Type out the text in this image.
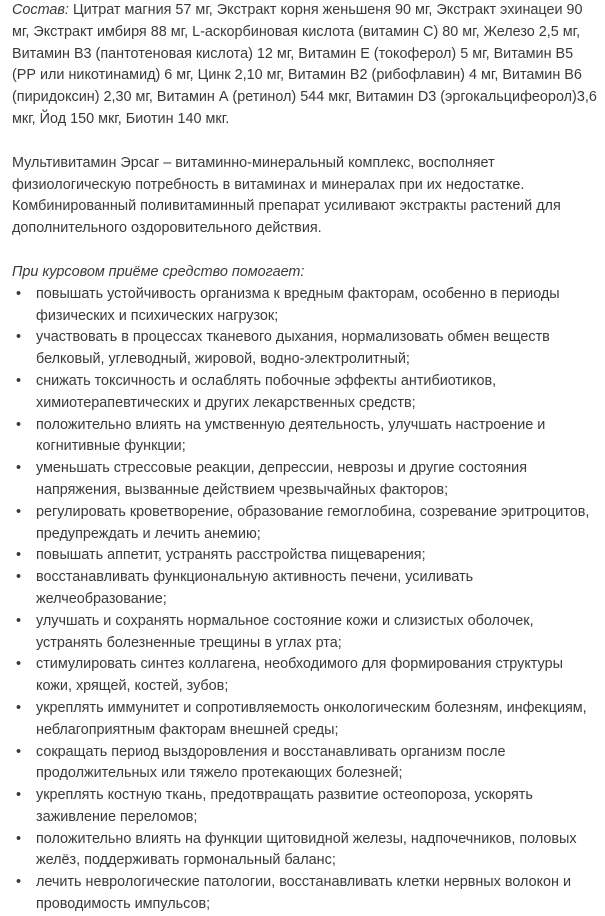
Состав: Цитрат магния 57 мг, Экстракт корня женьшеня 90 мг, Экстракт эхинацеи 90 мг, Экстракт имбиря 88 мг, L-аскорбиновая кислота (витамин С) 80 мг, Железо 2,5 мг, Витамин В3 (пантотеновая кислота) 12 мг, Витамин Е (токоферол) 5 мг, Витамин В5 (РР или никотинамид) 6 мг, Цинк 2,10 мг, Витамин В2 (рибофлавин) 4 мг, Витамин В6 (пиридоксин) 2,30 мг, Витамин А (ретинол) 544 мкг, Витамин D3 (эргокальцифеорол)3,6 мкг, Йод 150 мкг, Биотин 140 мкг.

Мультивитамин Эрсаг – витаминно-минеральный комплекс, восполняет физиологическую потребность в витаминах и минералах при их недостатке. Комбинированный поливитаминный препарат усиливают экстракты растений для дополнительного оздоровительного действия.

При курсовом приёме средство помогает:

• повышать устойчивость организма к вредным факторам, особенно в периоды физических и психических нагрузок;
• участвовать в процессах тканевого дыхания, нормализовать обмен веществ белковый, углеводный, жировой, водно-электролитный;
• снижать токсичность и ослаблять побочные эффекты антибиотиков, химиотерапевтических и других лекарственных средств;
• положительно влиять на умственную деятельность, улучшать настроение и когнитивные функции;
• уменьшать стрессовые реакции, депрессии, неврозы и другие состояния напряжения, вызванные действием чрезвычайных факторов;
• регулировать кроветворение, образование гемоглобина, созревание эритроцитов, предупреждать и лечить анемию;
• повышать аппетит, устранять расстройства пищеварения;
• восстанавливать функциональную активность печени, усиливать желчеобразование;
• улучшать и сохранять нормальное состояние кожи и слизистых оболочек, устранять болезненные трещины в углах рта;
• стимулировать синтез коллагена, необходимого для формирования структуры кожи, хрящей, костей, зубов;
• укреплять иммунитет и сопротивляемость онкологическим болезням, инфекциям, неблагоприятным факторам внешней среды;
• сокращать период выздоровления и восстанавливать организм после продолжительных или тяжело протекающих болезней;
• укреплять костную ткань, предотвращать развитие остеопороза, ускорять заживление переломов;
• положительно влиять на функции щитовидной железы, надпочечников, половых желёз, поддерживать гормональный баланс;
• лечить неврологические патологии, восстанавливать клетки нервных волокон и проводимость импульсов;
